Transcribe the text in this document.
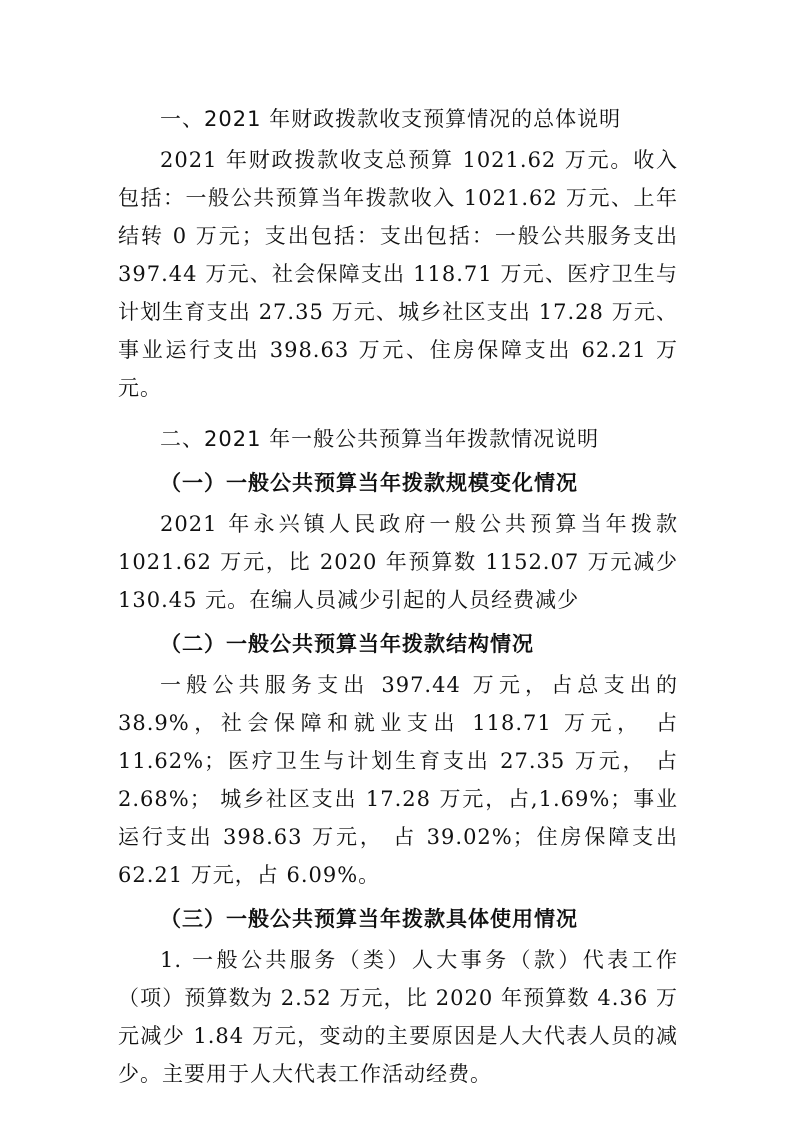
一、2021 年财政拨款收支预算情况的总体说明

2021 年财政拨款收支总预算 1021.62 万元。收入包括：一般公共预算当年拨款收入 1021.62 万元、上年结转 0 万元；支出包括：支出包括：一般公共服务支出 397.44 万元、社会保障支出 118.71 万元、医疗卫生与计划生育支出 27.35 万元、城乡社区支出 17.28 万元、事业运行支出 398.63 万元、住房保障支出 62.21 万元。

二、2021 年一般公共预算当年拨款情况说明
（一）一般公共预算当年拨款规模变化情况

2021 年永兴镇人民政府一般公共预算当年拨款 1021.62 万元，比 2020 年预算数 1152.07 万元减少 130.45 元。在编人员减少引起的人员经费减少

（二）一般公共预算当年拨款结构情况

一般公共服务支出 397.44 万元，占总支出的 38.9%，社会保障和就业支出 118.71 万元， 占 11.62%；医疗卫生与计划生育支出 27.35 万元， 占 2.68%； 城乡社区支出 17.28 万元，占,1.69%；事业运行支出 398.63 万元， 占 39.02%；住房保障支出 62.21 万元，占 6.09%。

（三）一般公共预算当年拨款具体使用情况

1. 一般公共服务（类）人大事务（款）代表工作（项）预算数为 2.52 万元，比 2020 年预算数 4.36 万元减少 1.84 万元，变动的主要原因是人大代表人员的减少。主要用于人大代表工作活动经费。
